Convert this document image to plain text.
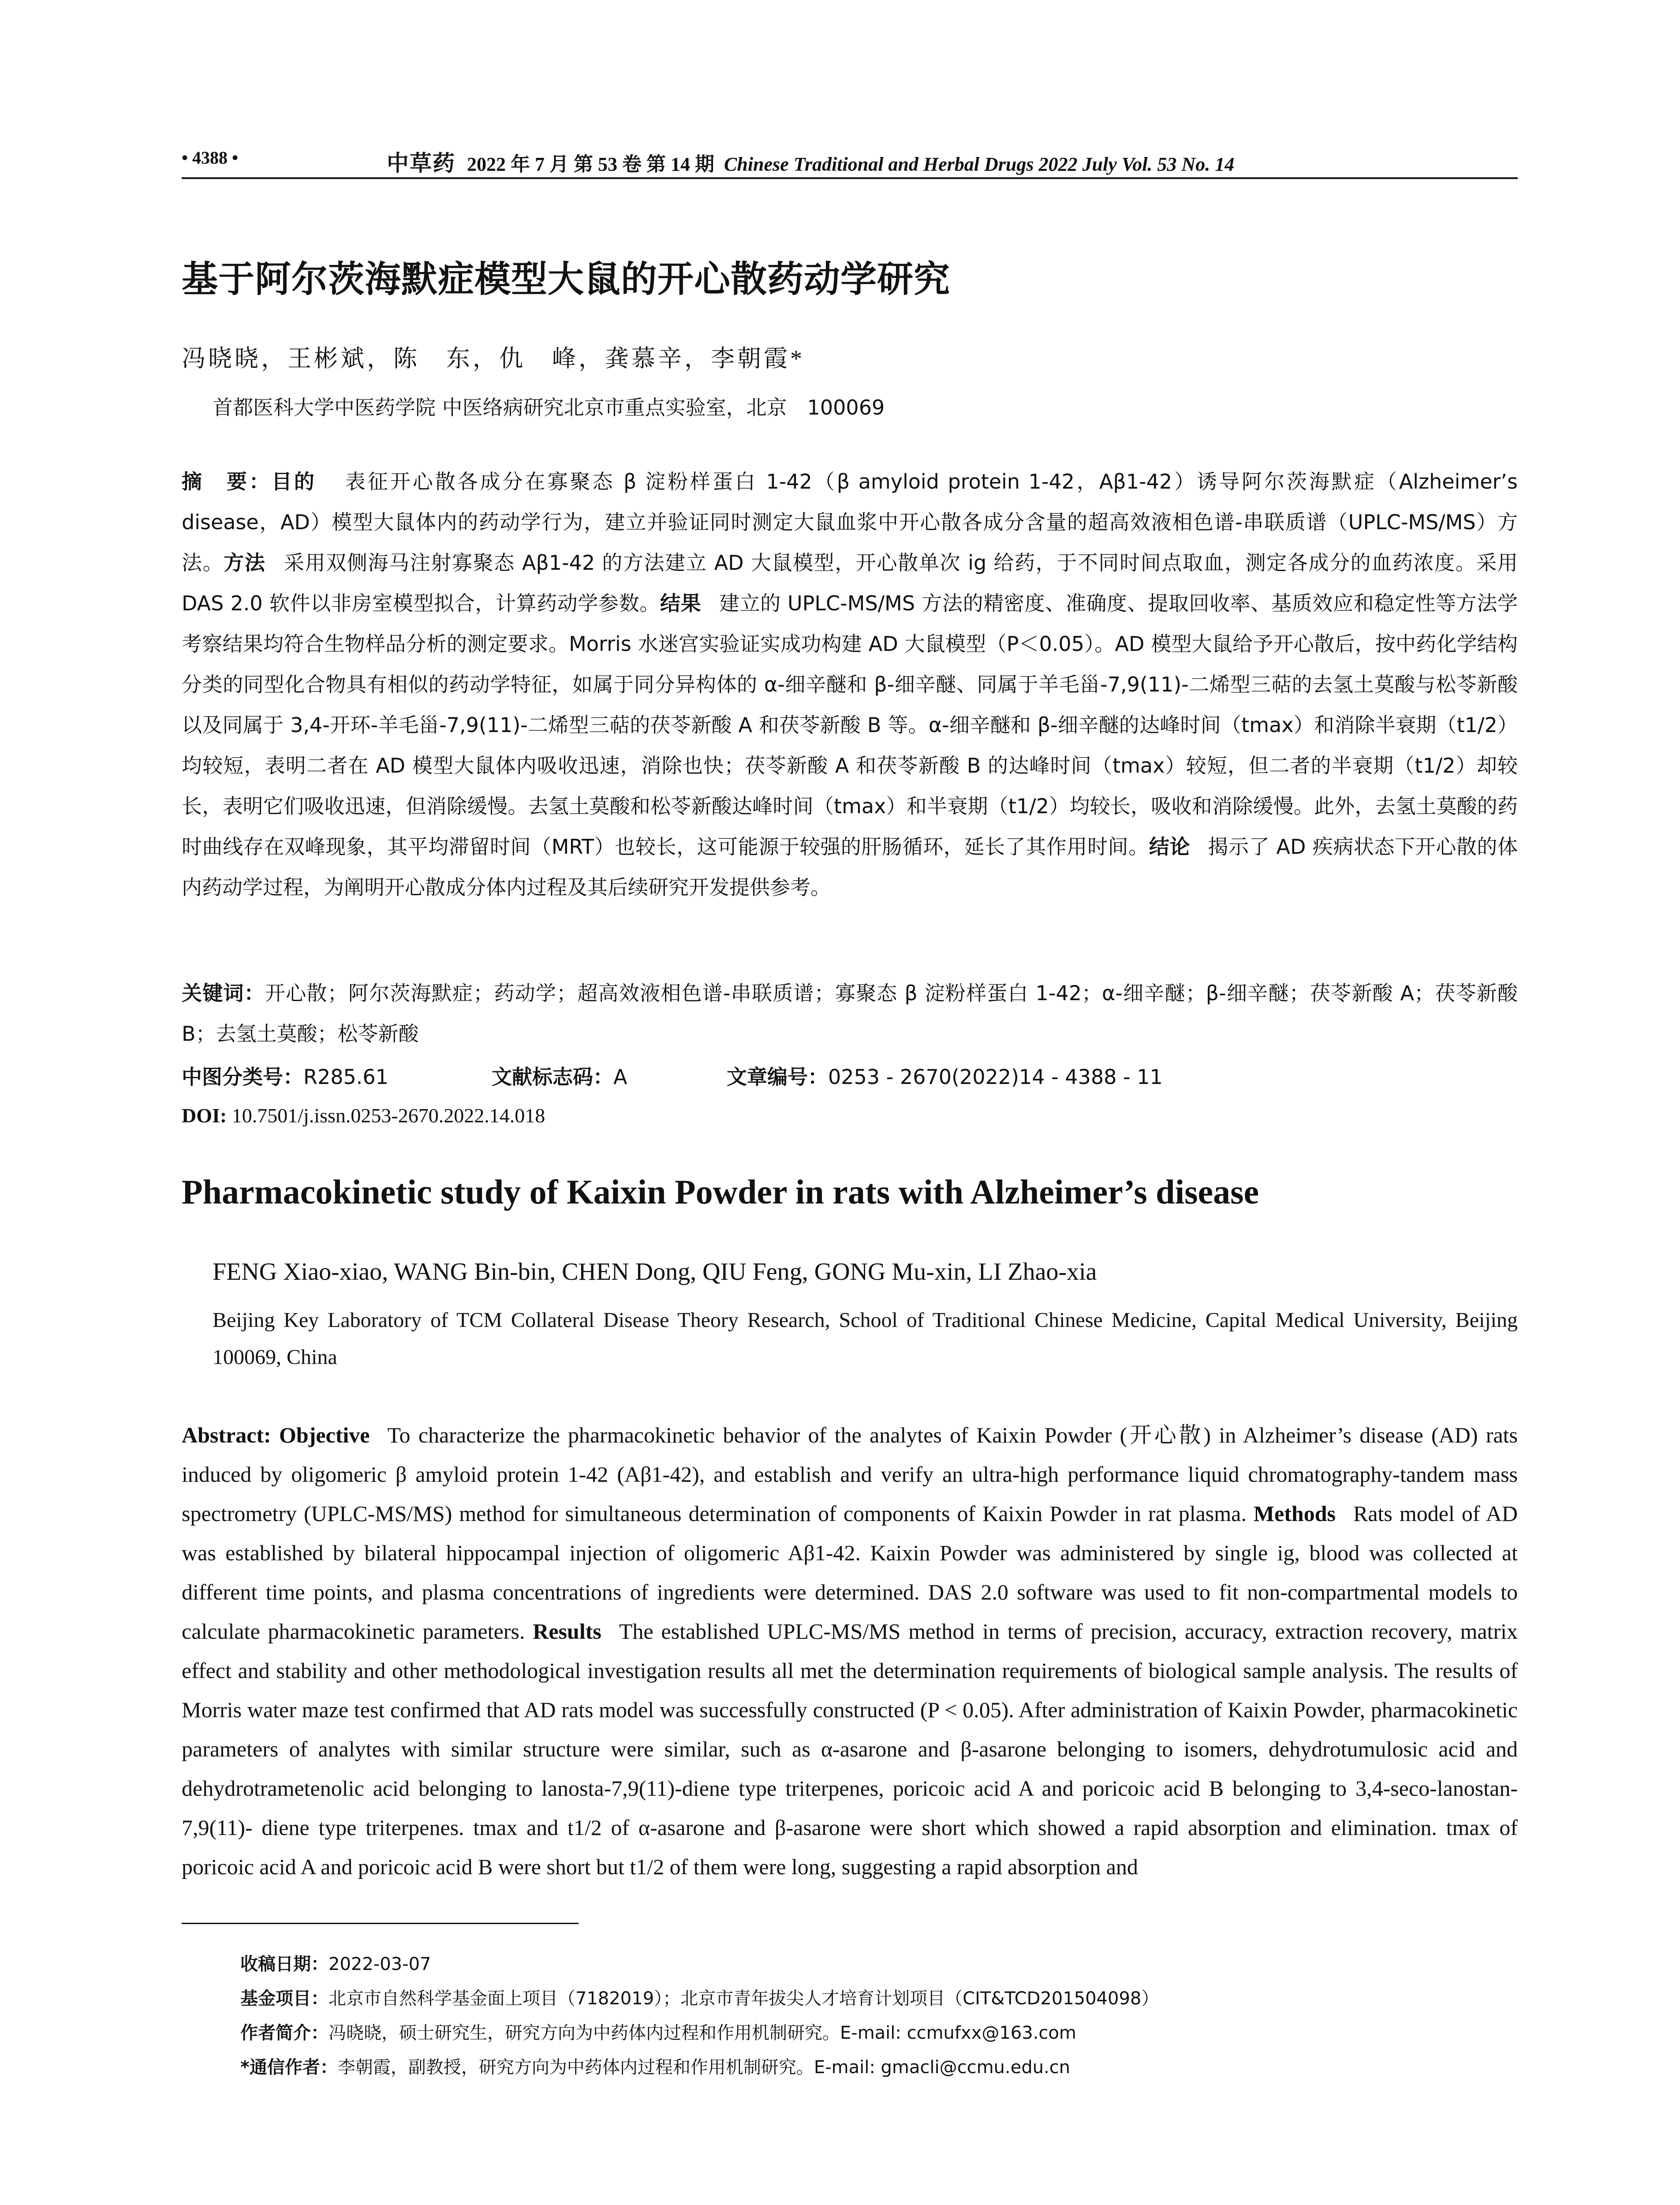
• 4388 •	中草药 2022 年 7 月 第 53 卷 第 14 期 Chinese Traditional and Herbal Drugs 2022 July Vol. 53 No. 14
基于阿尔茨海默症模型大鼠的开心散药动学研究
冯晓晓，王彬斌，陈　东，仇　峰，龚慕辛，李朝霞*
首都医科大学中医药学院 中医络病研究北京市重点实验室，北京　100069
摘　要：目的 表征开心散各成分在寡聚态 β 淀粉样蛋白 1-42（β amyloid protein 1-42，Aβ1-42）诱导阿尔茨海默症（Alzheimer’s disease，AD）模型大鼠体内的药动学行为，建立并验证同时测定大鼠血浆中开心散各成分含量的超高效液相色谱-串联质谱（UPLC-MS/MS）方法。方法 采用双侧海马注射寡聚态 Aβ1-42 的方法建立 AD 大鼠模型，开心散单次 ig 给药，于不同时间点取血，测定各成分的血药浓度。采用 DAS 2.0 软件以非房室模型拟合，计算药动学参数。结果 建立的 UPLC-MS/MS 方法的精密度、准确度、提取回收率、基质效应和稳定性等方法学考察结果均符合生物样品分析的测定要求。Morris 水迷宫实验证实成功构建 AD 大鼠模型（P＜0.05）。AD 模型大鼠给予开心散后，按中药化学结构分类的同型化合物具有相似的药动学特征，如属于同分异构体的 α-细辛醚和 β-细辛醚、同属于羊毛甾-7,9(11)-二烯型三萜的去氢土莫酸与松苓新酸以及同属于 3,4-开环-羊毛甾-7,9(11)-二烯型三萜的茯苓新酸 A 和茯苓新酸 B 等。α-细辛醚和 β-细辛醚的达峰时间（tmax）和消除半衰期（t1/2）均较短，表明二者在 AD 模型大鼠体内吸收迅速，消除也快；茯苓新酸 A 和茯苓新酸 B 的达峰时间（tmax）较短，但二者的半衰期（t1/2）却较长，表明它们吸收迅速，但消除缓慢。去氢土莫酸和松苓新酸达峰时间（tmax）和半衰期（t1/2）均较长，吸收和消除缓慢。此外，去氢土莫酸的药时曲线存在双峰现象，其平均滞留时间（MRT）也较长，这可能源于较强的肝肠循环，延长了其作用时间。结论 揭示了 AD 疾病状态下开心散的体内药动学过程，为阐明开心散成分体内过程及其后续研究开发提供参考。
关键词：开心散；阿尔茨海默症；药动学；超高效液相色谱-串联质谱；寡聚态 β 淀粉样蛋白 1-42；α-细辛醚；β-细辛醚；茯苓新酸 A；茯苓新酸 B；去氢土莫酸；松苓新酸
中图分类号：R285.61	文献标志码：A	文章编号：0253 - 2670(2022)14 - 4388 - 11
DOI: 10.7501/j.issn.0253-2670.2022.14.018
Pharmacokinetic study of Kaixin Powder in rats with Alzheimer’s disease
FENG Xiao-xiao, WANG Bin-bin, CHEN Dong, QIU Feng, GONG Mu-xin, LI Zhao-xia
Beijing Key Laboratory of TCM Collateral Disease Theory Research, School of Traditional Chinese Medicine, Capital Medical University, Beijing 100069, China
Abstract: Objective To characterize the pharmacokinetic behavior of the analytes of Kaixin Powder (开心散) in Alzheimer’s disease (AD) rats induced by oligomeric β amyloid protein 1-42 (Aβ1-42), and establish and verify an ultra-high performance liquid chromatography-tandem mass spectrometry (UPLC-MS/MS) method for simultaneous determination of components of Kaixin Powder in rat plasma. Methods Rats model of AD was established by bilateral hippocampal injection of oligomeric Aβ1-42. Kaixin Powder was administered by single ig, blood was collected at different time points, and plasma concentrations of ingredients were determined. DAS 2.0 software was used to fit non-compartmental models to calculate pharmacokinetic parameters. Results The established UPLC-MS/MS method in terms of precision, accuracy, extraction recovery, matrix effect and stability and other methodological investigation results all met the determination requirements of biological sample analysis. The results of Morris water maze test confirmed that AD rats model was successfully constructed (P < 0.05). After administration of Kaixin Powder, pharmacokinetic parameters of analytes with similar structure were similar, such as α-asarone and β-asarone belonging to isomers, dehydrotumulosic acid and dehydrotrametenolic acid belonging to lanosta-7,9(11)-diene type triterpenes, poricoic acid A and poricoic acid B belonging to 3,4-seco-lanostan-7,9(11)- diene type triterpenes. tmax and t1/2 of α-asarone and β-asarone were short which showed a rapid absorption and elimination. tmax of poricoic acid A and poricoic acid B were short but t1/2 of them were long, suggesting a rapid absorption and
收稿日期：2022-03-07
基金项目：北京市自然科学基金面上项目（7182019）；北京市青年拔尖人才培育计划项目（CIT&TCD201504098）
作者简介：冯晓晓，硕士研究生，研究方向为中药体内过程和作用机制研究。E-mail: ccmufxx@163.com
*通信作者：李朝霞，副教授，研究方向为中药体内过程和作用机制研究。E-mail: gmacli@ccmu.edu.cn
